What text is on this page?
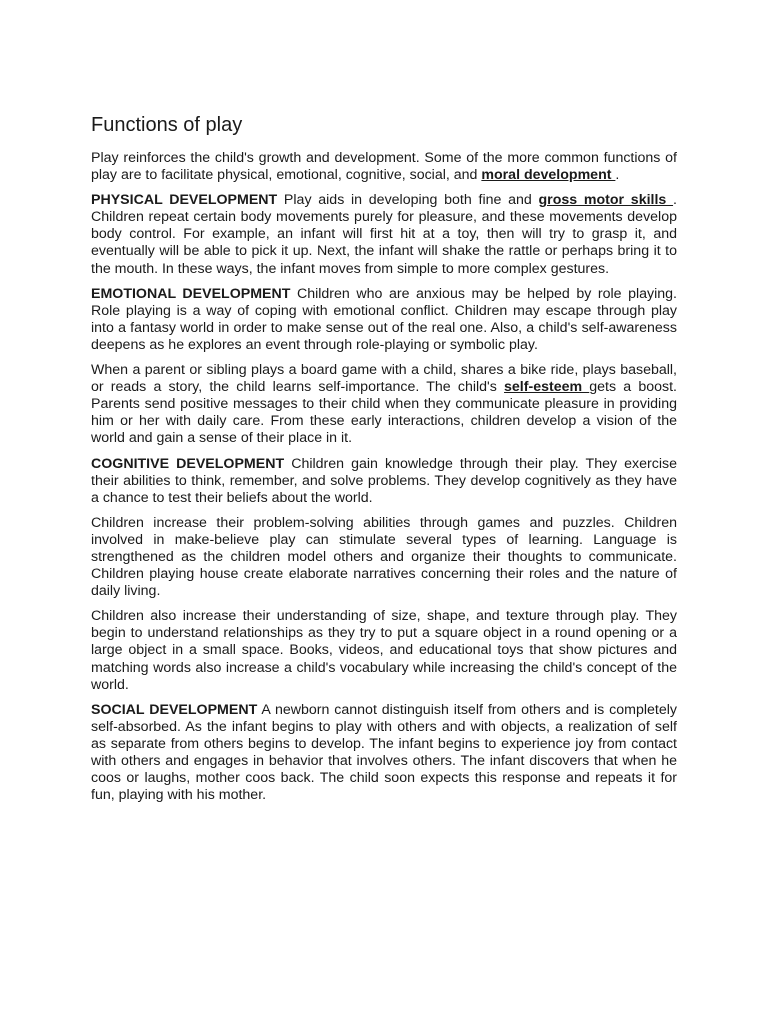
Functions of play

Play reinforces the child's growth and development. Some of the more common functions of play are to facilitate physical, emotional, cognitive, social, and moral development .

PHYSICAL DEVELOPMENT Play aids in developing both fine and gross motor skills . Children repeat certain body movements purely for pleasure, and these movements develop body control. For example, an infant will first hit at a toy, then will try to grasp it, and eventually will be able to pick it up. Next, the infant will shake the rattle or perhaps bring it to the mouth. In these ways, the infant moves from simple to more complex gestures.

EMOTIONAL DEVELOPMENT Children who are anxious may be helped by role playing. Role playing is a way of coping with emotional conflict. Children may escape through play into a fantasy world in order to make sense out of the real one. Also, a child's self-awareness deepens as he explores an event through role-playing or symbolic play.

When a parent or sibling plays a board game with a child, shares a bike ride, plays baseball, or reads a story, the child learns self-importance. The child's self-esteem gets a boost. Parents send positive messages to their child when they communicate pleasure in providing him or her with daily care. From these early interactions, children develop a vision of the world and gain a sense of their place in it.

COGNITIVE DEVELOPMENT Children gain knowledge through their play. They exercise their abilities to think, remember, and solve problems. They develop cognitively as they have a chance to test their beliefs about the world.

Children increase their problem-solving abilities through games and puzzles. Children involved in make-believe play can stimulate several types of learning. Language is strengthened as the children model others and organize their thoughts to communicate. Children playing house create elaborate narratives concerning their roles and the nature of daily living.

Children also increase their understanding of size, shape, and texture through play. They begin to understand relationships as they try to put a square object in a round opening or a large object in a small space. Books, videos, and educational toys that show pictures and matching words also increase a child's vocabulary while increasing the child's concept of the world.

SOCIAL DEVELOPMENT A newborn cannot distinguish itself from others and is completely self-absorbed. As the infant begins to play with others and with objects, a realization of self as separate from others begins to develop. The infant begins to experience joy from contact with others and engages in behavior that involves others. The infant discovers that when he coos or laughs, mother coos back. The child soon expects this response and repeats it for fun, playing with his mother.
